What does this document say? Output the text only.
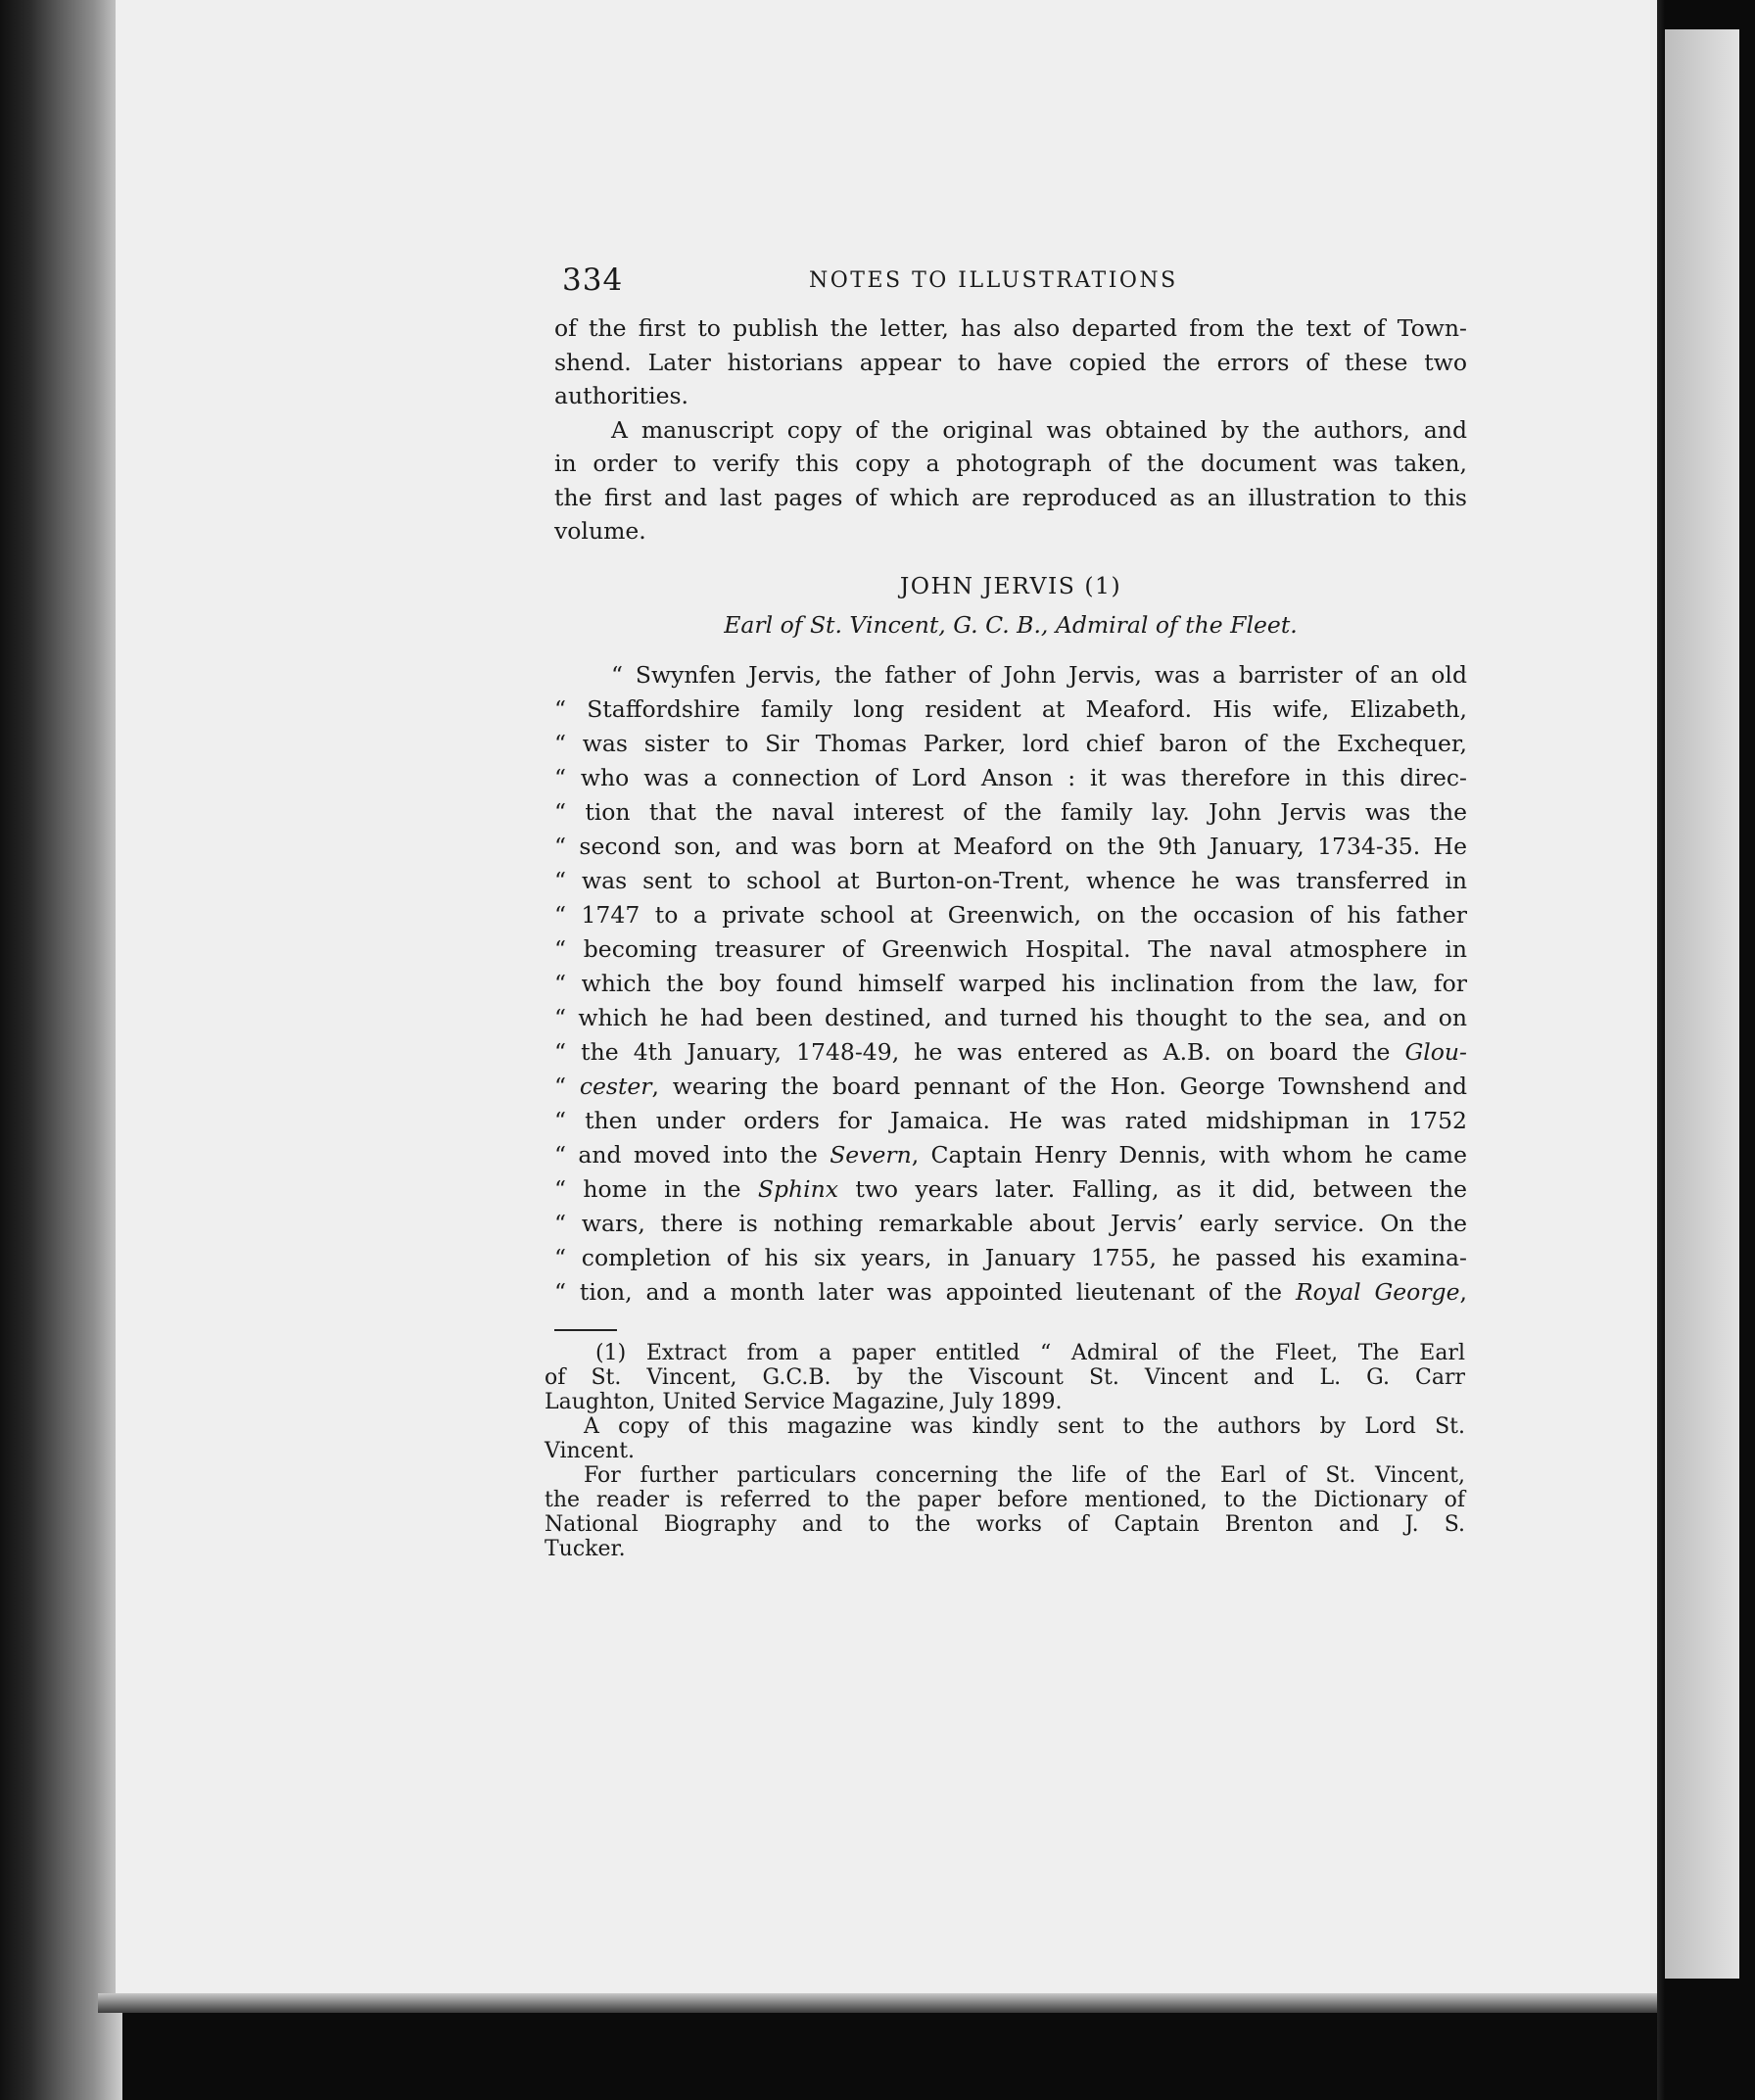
334	NOTES TO ILLUSTRATIONS

of the first to publish the letter, has also departed from the text of Town-
shend. Later historians appear to have copied the errors of these two
authorities.

A manuscript copy of the original was obtained by the authors, and
in order to verify this copy a photograph of the document was taken,
the first and last pages of which are reproduced as an illustration to this
volume.

JOHN JERVIS (1)
Earl of St. Vincent, G. C. B., Admiral of the Fleet.
“ Swynfen Jervis, the father of John Jervis, was a barrister of an old
“ Staffordshire family long resident at Meaford. His wife, Elizabeth,
“ was sister to Sir Thomas Parker, lord chief baron of the Exchequer,
“ who was a connection of Lord Anson : it was therefore in this direc-
“ tion that the naval interest of the family lay. John Jervis was the
“ second son, and was born at Meaford on the 9th January, 1734-35. He
“ was sent to school at Burton-on-Trent, whence he was transferred in
“ 1747 to a private school at Greenwich, on the occasion of his father
“ becoming treasurer of Greenwich Hospital. The naval atmosphere in
“ which the boy found himself warped his inclination from the law, for
“ which he had been destined, and turned his thought to the sea, and on
“ the 4th January, 1748-49, he was entered as A.B. on board the Glou-
“ cester, wearing the board pennant of the Hon. George Townshend and
“ then under orders for Jamaica. He was rated midshipman in 1752
“ and moved into the Severn, Captain Henry Dennis, with whom he came
“ home in the Sphinx two years later. Falling, as it did, between the
“ wars, there is nothing remarkable about Jervis’ early service. On the
“ completion of his six years, in January 1755, he passed his examina-
“ tion, and a month later was appointed lieutenant of the Royal George,
(1) Extract from a paper entitled “ Admiral of the Fleet, The Earl
of St. Vincent, G.C.B. by the Viscount St. Vincent and L. G. Carr
Laughton, United Service Magazine, July 1899.
A copy of this magazine was kindly sent to the authors by Lord St.
Vincent.
For further particulars concerning the life of the Earl of St. Vincent,
the reader is referred to the paper before mentioned, to the Dictionary of
National Biography and to the works of Captain Brenton and J. S.
Tucker.
